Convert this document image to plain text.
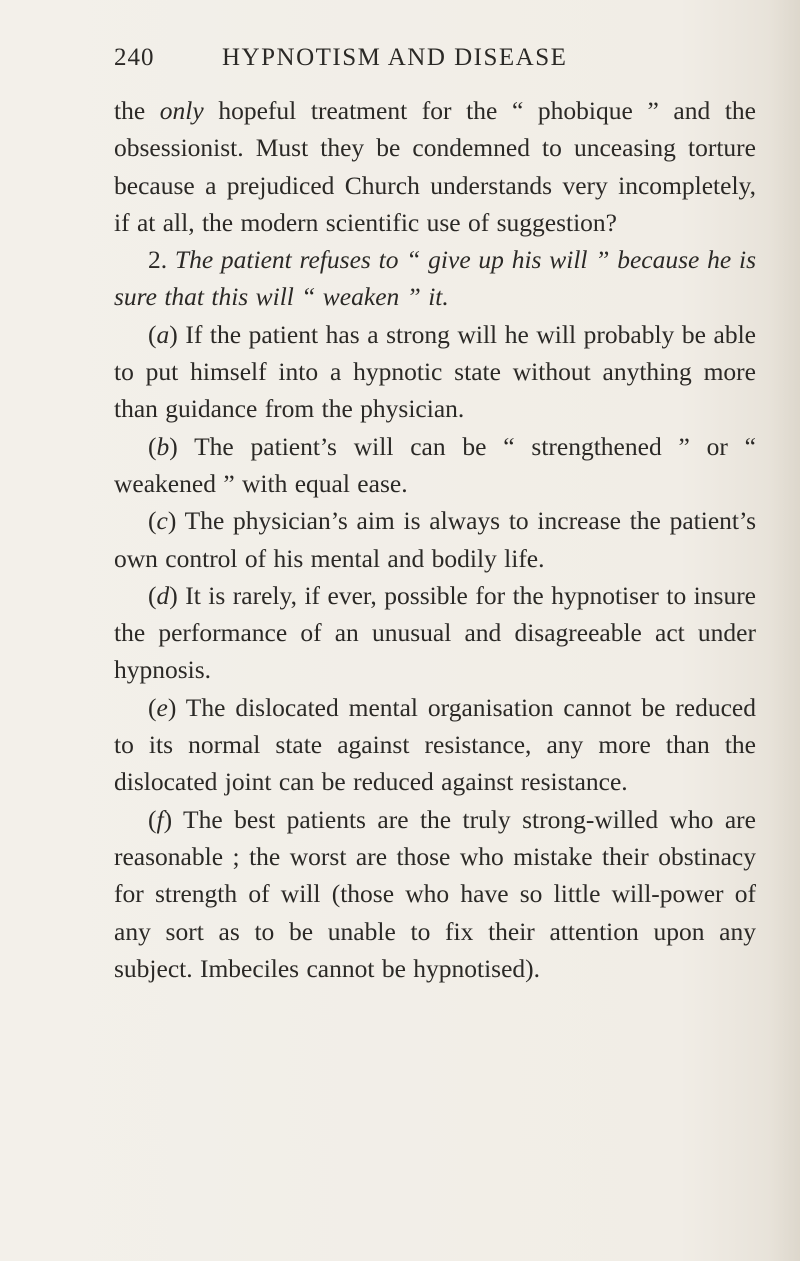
240	HYPNOTISM AND DISEASE

the only hopeful treatment for the “ phobique ” and the obsessionist. Must they be condemned to unceasing torture because a prejudiced Church understands very incompletely, if at all, the modern scientific use of suggestion?

2. The patient refuses to “ give up his will ” because he is sure that this will “ weaken ” it.

(a) If the patient has a strong will he will probably be able to put himself into a hypnotic state without anything more than guidance from the physician.

(b) The patient’s will can be “ strengthened ” or “ weakened ” with equal ease.

(c) The physician’s aim is always to increase the patient’s own control of his mental and bodily life.

(d) It is rarely, if ever, possible for the hypnotiser to insure the performance of an unusual and disagreeable act under hypnosis.

(e) The dislocated mental organisation cannot be reduced to its normal state against resistance, any more than the dislocated joint can be reduced against resistance.

(f) The best patients are the truly strong-willed who are reasonable ; the worst are those who mistake their obstinacy for strength of will (those who have so little will-power of any sort as to be unable to fix their attention upon any subject. Imbeciles cannot be hypnotised).
